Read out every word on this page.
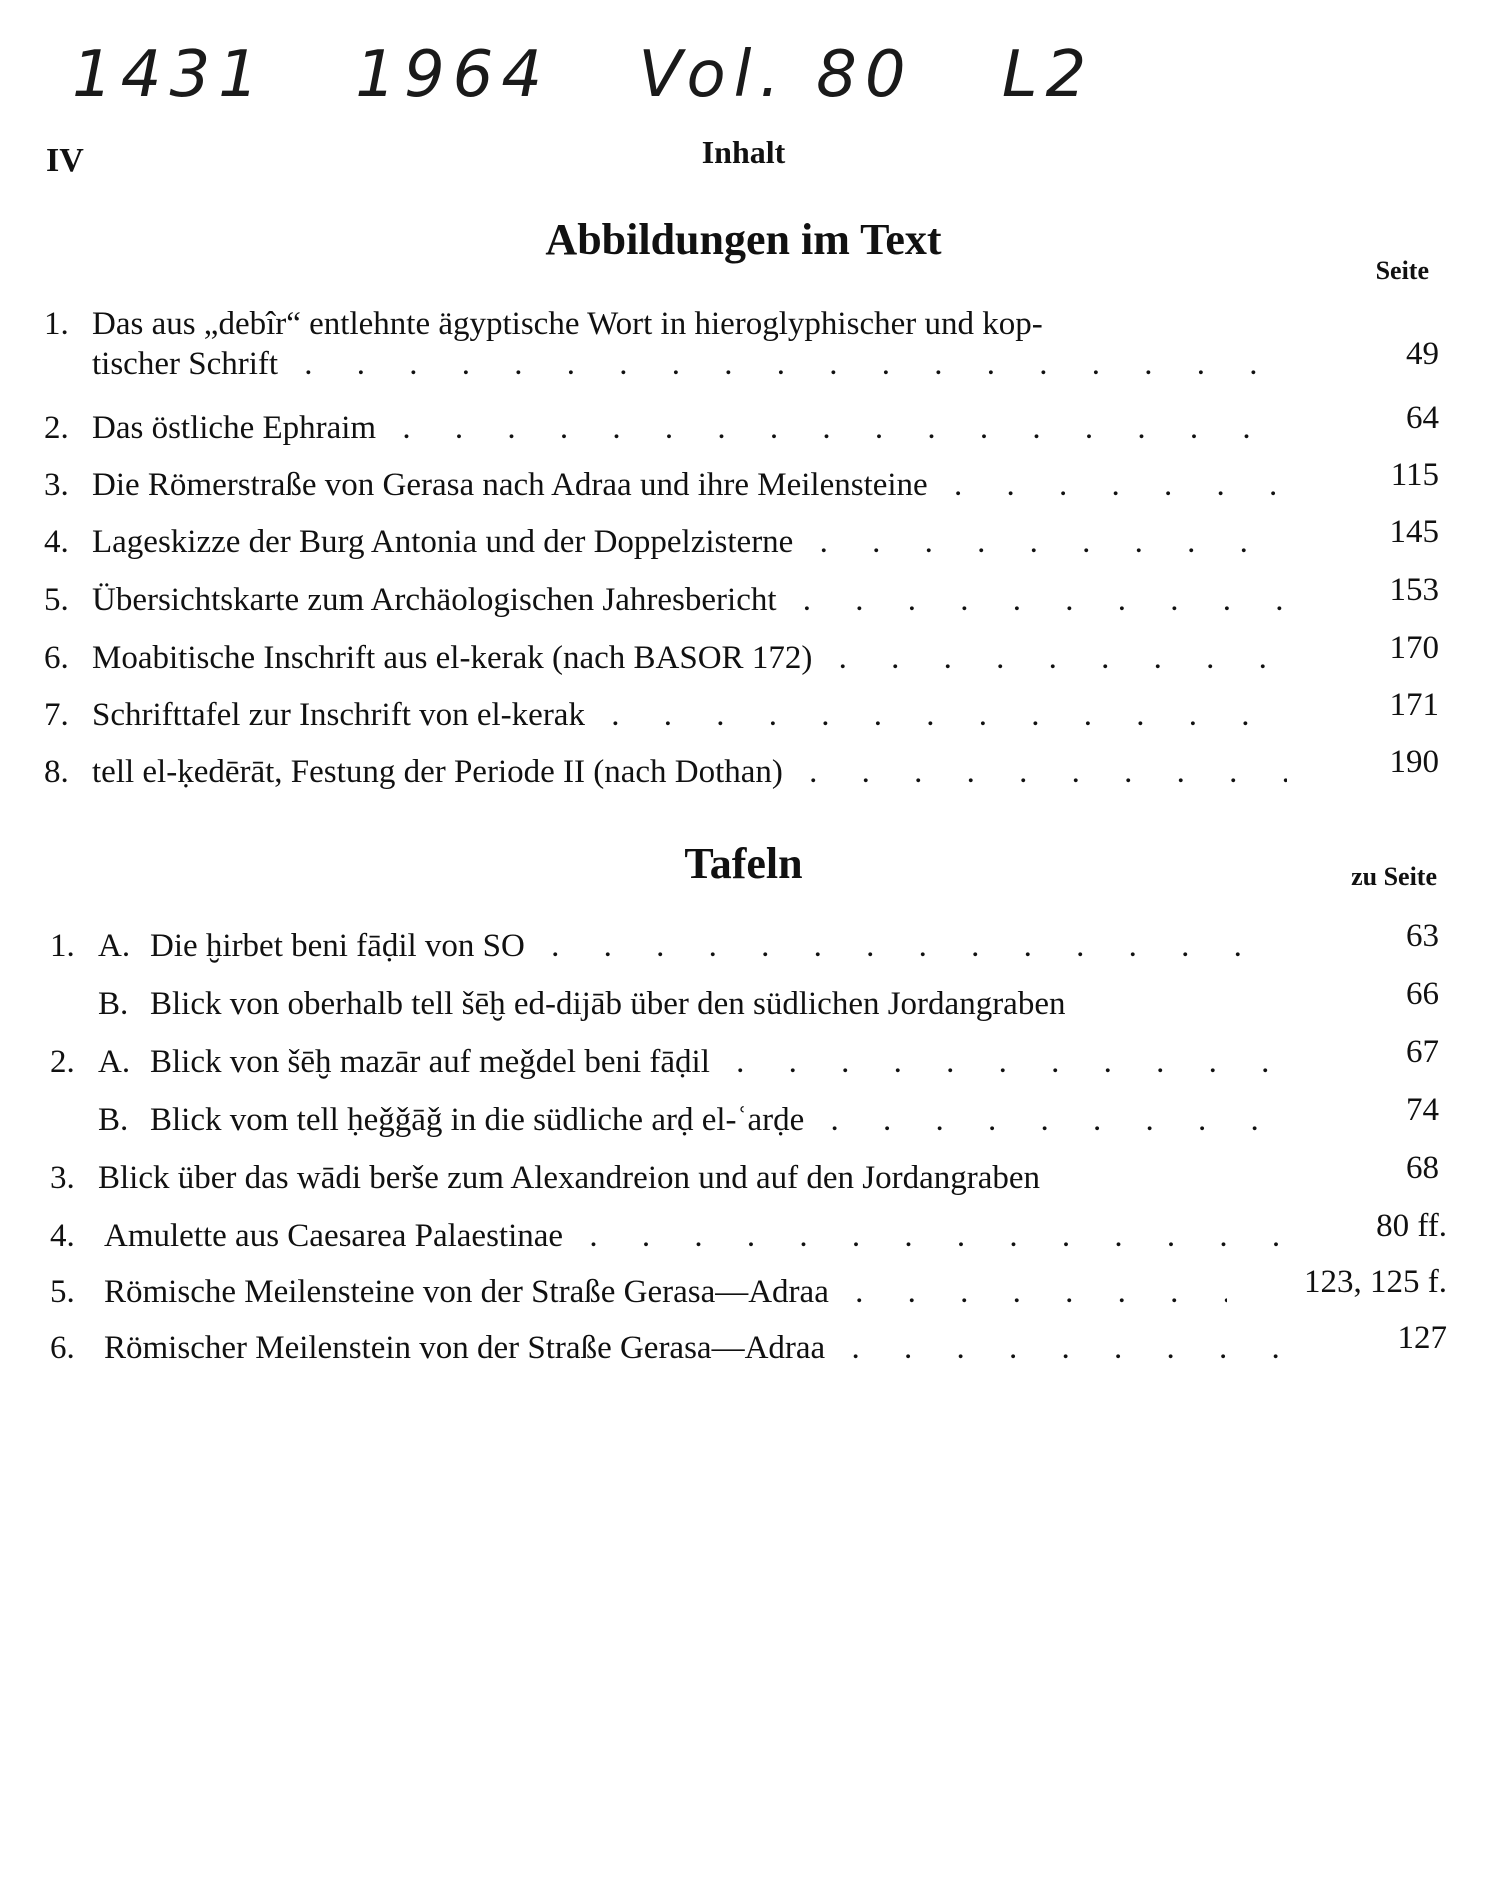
1431 1964 Vol. 80 L2
IV	Inhalt
Abbildungen im Text
Seite
1. Das aus „debîr“ entlehnte ägyptische Wort in hieroglyphischer und kop-
tischer Schrift . . .	49
2. Das östliche Ephraim . . .	64
3. Die Römerstraße von Gerasa nach Adraa und ihre Meilensteine . . .	115
4. Lageskizze der Burg Antonia und der Doppelzisterne . . .	145
5. Übersichtskarte zum Archäologischen Jahresbericht . . .	153
6. Moabitische Inschrift aus el-kerak (nach BASOR 172) . . .	170
7. Schrifttafel zur Inschrift von el-kerak . . .	171
8. tell el-ḳedērāt, Festung der Periode II (nach Dothan) . . .	190
Tafeln	zu Seite
1. A. Die ḫirbet beni fāḍil von SO . . .	63
B. Blick von oberhalb tell šēḫ ed-dijāb über den südlichen Jordangraben	66
2. A. Blick von šēḫ mazār auf meǧdel beni fāḍil . . .	67
B. Blick vom tell ḥeǧǧāǧ in die südliche arḍ el-ʿarḍe . . .	74
3. Blick über das wādi berše zum Alexandreion und auf den Jordangraben	68
4. Amulette aus Caesarea Palaestinae . . .	80 ff.
5. Römische Meilensteine von der Straße Gerasa—Adraa . . .	123, 125 f.
6. Römischer Meilenstein von der Straße Gerasa—Adraa . . .	127
